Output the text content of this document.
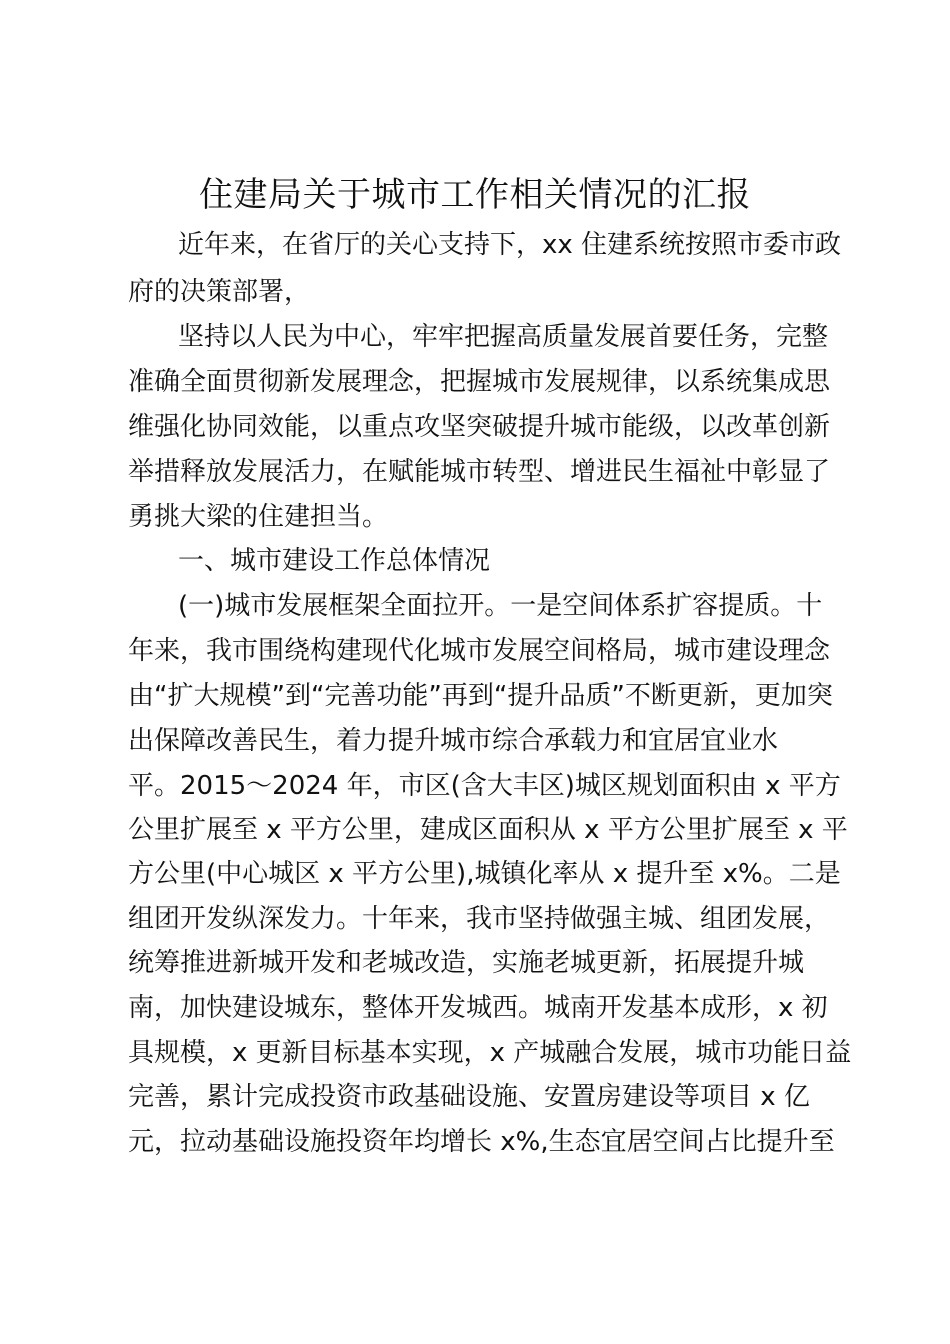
住建局关于城市工作相关情况的汇报
近年来，在省厅的关心支持下，xx 住建系统按照市委市政
府的决策部署，
坚持以人民为中心，牢牢把握高质量发展首要任务，完整
准确全面贯彻新发展理念，把握城市发展规律，以系统集成思
维强化协同效能，以重点攻坚突破提升城市能级，以改革创新
举措释放发展活力，在赋能城市转型、增进民生福祉中彰显了
勇挑大梁的住建担当。
一、城市建设工作总体情况
(一)城市发展框架全面拉开。一是空间体系扩容提质。十
年来，我市围绕构建现代化城市发展空间格局，城市建设理念
由“扩大规模”到“完善功能”再到“提升品质”不断更新，更加突
出保障改善民生，着力提升城市综合承载力和宜居宜业水
平。2015～2024 年，市区(含大丰区)城区规划面积由 x 平方
公里扩展至 x 平方公里，建成区面积从 x 平方公里扩展至 x 平
方公里(中心城区 x 平方公里),城镇化率从 x 提升至 x%。二是
组团开发纵深发力。十年来，我市坚持做强主城、组团发展，
统筹推进新城开发和老城改造，实施老城更新，拓展提升城
南，加快建设城东，整体开发城西。城南开发基本成形，x 初
具规模，x 更新目标基本实现，x 产城融合发展，城市功能日益
完善，累计完成投资市政基础设施、安置房建设等项目 x 亿
元，拉动基础设施投资年均增长 x%,生态宜居空间占比提升至
